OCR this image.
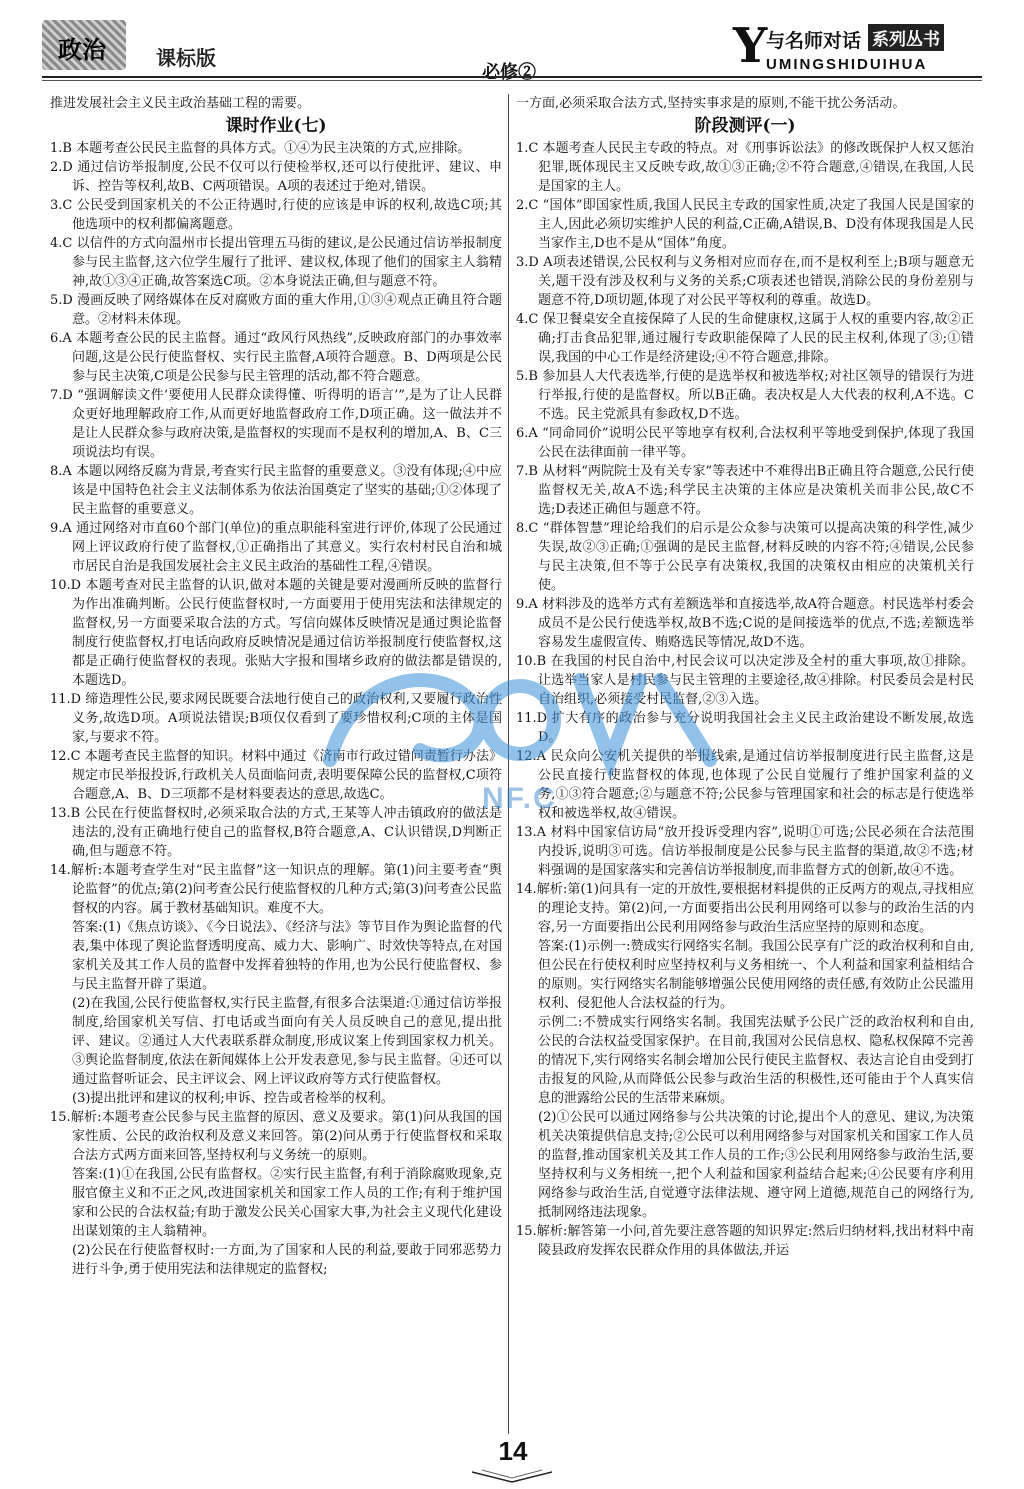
政治	课标版
必修②	Y
与名师对话 系列丛书
UMINGSHIDUIHUA

推进发展社会主义民主政治基础工程的需要。

课时作业(七)

1.B 本题考查公民民主监督的具体方式。①④为民主决策的方式,应排除。

2.D 通过信访举报制度,公民不仅可以行使检举权,还可以行使批评、建议、申诉、控告等权利,故B、C两项错误。A项的表述过于绝对,错误。

3.C 公民受到国家机关的不公正待遇时,行使的应该是申诉的权利,故选C项;其他选项中的权利都偏离题意。

4.C 以信件的方式向温州市长提出管理五马街的建议,是公民通过信访举报制度参与民主监督,这六位学生履行了批评、建议权,体现了他们的国家主人翁精神,故①③④正确,故答案选C项。②本身说法正确,但与题意不符。

5.D 漫画反映了网络媒体在反对腐败方面的重大作用,①③④观点正确且符合题意。②材料未体现。

6.A 本题考查公民的民主监督。通过“政风行风热线”,反映政府部门的办事效率问题,这是公民行使监督权、实行民主监督,A项符合题意。B、D两项是公民参与民主决策,C项是公民参与民主管理的活动,都不符合题意。

7.D “强调解读文件‘要使用人民群众读得懂、听得明的语言’”,是为了让人民群众更好地理解政府工作,从而更好地监督政府工作,D项正确。这一做法并不是让人民群众参与政府决策,是监督权的实现而不是权利的增加,A、B、C三项说法均有误。

8.A 本题以网络反腐为背景,考查实行民主监督的重要意义。③没有体现;④中应该是中国特色社会主义法制体系为依法治国奠定了坚实的基础;①②体现了民主监督的重要意义。

9.A 通过网络对市直60个部门(单位)的重点职能科室进行评价,体现了公民通过网上评议政府行使了监督权,①正确指出了其意义。实行农村村民自治和城市居民自治是我国发展社会主义民主政治的基础性工程,④错误。

10.D 本题考查对民主监督的认识,做对本题的关键是要对漫画所反映的监督行为作出准确判断。公民行使监督权时,一方面要用于使用宪法和法律规定的监督权,另一方面要采取合法的方式。写信向媒体反映情况是通过舆论监督制度行使监督权,打电话向政府反映情况是通过信访举报制度行使监督权,这都是正确行使监督权的表现。张贴大字报和围堵乡政府的做法都是错误的,本题选D。

11.D 缔造理性公民,要求网民既要合法地行使自己的政治权利,又要履行政治性义务,故选D项。A项说法错误;B项仅仅看到了要珍惜权利;C项的主体是国家,与要求不符。

12.C 本题考查民主监督的知识。材料中通过《济南市行政过错问责暂行办法》规定市民举报投诉,行政机关人员面临问责,表明要保障公民的监督权,C项符合题意,A、B、D三项都不是材料要表达的意思,故选C。

13.B 公民在行使监督权时,必须采取合法的方式,王某等人冲击镇政府的做法是违法的,没有正确地行使自己的监督权,B符合题意,A、C认识错误,D判断正确,但与题意不符。

14.解析:本题考查学生对“民主监督”这一知识点的理解。第(1)问主要考查“舆论监督”的优点;第(2)问考查公民行使监督权的几种方式;第(3)问考查公民监督权的内容。属于教材基础知识。难度不大。

答案:(1)《焦点访谈》、《今日说法》、《经济与法》等节目作为舆论监督的代表,集中体现了舆论监督透明度高、威力大、影响广、时效快等特点,在对国家机关及其工作人员的监督中发挥着独特的作用,也为公民行使监督权、参与民主监督开辟了渠道。

(2)在我国,公民行使监督权,实行民主监督,有很多合法渠道:①通过信访举报制度,给国家机关写信、打电话或当面向有关人员反映自己的意见,提出批评、建议。②通过人大代表联系群众制度,形成议案上传到国家权力机关。③舆论监督制度,依法在新闻媒体上公开发表意见,参与民主监督。④还可以通过监督听证会、民主评议会、网上评议政府等方式行使监督权。

(3)提出批评和建议的权利;申诉、控告或者检举的权利。

15.解析:本题考查公民参与民主监督的原因、意义及要求。第(1)问从我国的国家性质、公民的政治权利及意义来回答。第(2)问从勇于行使监督权和采取合法方式两方面来回答,坚持权利与义务统一的原则。

答案:(1)①在我国,公民有监督权。②实行民主监督,有利于消除腐败现象,克服官僚主义和不正之风,改进国家机关和国家工作人员的工作;有利于维护国家和公民的合法权益;有助于激发公民关心国家大事,为社会主义现代化建设出谋划策的主人翁精神。

(2)公民在行使监督权时:一方面,为了国家和人民的利益,要敢于同邪恶势力进行斗争,勇于使用宪法和法律规定的监督权;

一方面,必须采取合法方式,坚持实事求是的原则,不能干扰公务活动。

阶段测评(一)

1.C 本题考查人民民主专政的特点。对《刑事诉讼法》的修改既保护人权又惩治犯罪,既体现民主又反映专政,故①③正确;②不符合题意,④错误,在我国,人民是国家的主人。

2.C “国体”即国家性质,我国人民民主专政的国家性质,决定了我国人民是国家的主人,因此必须切实维护人民的利益,C正确,A错误,B、D没有体现我国是人民当家作主,D也不是从“国体”角度。

3.D A项表述错误,公民权利与义务相对应而存在,而不是权利至上;B项与题意无关,题干没有涉及权利与义务的关系;C项表述也错误,消除公民的身份差别与题意不符,D项切题,体现了对公民平等权利的尊重。故选D。

4.C 保卫餐桌安全直接保障了人民的生命健康权,这属于人权的重要内容,故②正确;打击食品犯罪,通过履行专政职能保障了人民的民主权利,体现了③;①错误,我国的中心工作是经济建设;④不符合题意,排除。

5.B 参加县人大代表选举,行使的是选举权和被选举权;对社区领导的错误行为进行举报,行使的是监督权。所以B正确。表决权是人大代表的权利,A不选。C不选。民主党派具有参政权,D不选。

6.A “同命同价”说明公民平等地享有权利,合法权利平等地受到保护,体现了我国公民在法律面前一律平等。

7.B 从材料“两院院士及有关专家”等表述中不难得出B正确且符合题意,公民行使监督权无关,故A不选;科学民主决策的主体应是决策机关而非公民,故C不选;D表述正确但与题意不符。

8.C “群体智慧”理论给我们的启示是公众参与决策可以提高决策的科学性,减少失误,故②③正确;①强调的是民主监督,材料反映的内容不符;④错误,公民参与民主决策,但不等于公民享有决策权,我国的决策权由相应的决策机关行使。

9.A 材料涉及的选举方式有差额选举和直接选举,故A符合题意。村民选举村委会成员不是公民行使选举权,故B不选;C说的是间接选举的优点,不选;差额选举容易发生虚假宣传、贿赂选民等情况,故D不选。

10.B 在我国的村民自治中,村民会议可以决定涉及全村的重大事项,故①排除。让选举当家人是村民参与民主管理的主要途径,故④排除。村民委员会是村民自治组织,必须接受村民监督,②③入选。

11.D 扩大有序的政治参与充分说明我国社会主义民主政治建设不断发展,故选D。

12.A 民众向公安机关提供的举报线索,是通过信访举报制度进行民主监督,这是公民直接行使监督权的体现,也体现了公民自觉履行了维护国家利益的义务,①③符合题意;②与题意不符;公民参与管理国家和社会的标志是行使选举权和被选举权,故④错误。

13.A 材料中国家信访局“放开投诉受理内容”,说明①可选;公民必须在合法范围内投诉,说明③可选。信访举报制度是公民参与民主监督的渠道,故②不选;材料强调的是国家落实和完善信访举报制度,而非监督方式的创新,故④不选。

14.解析:第(1)问具有一定的开放性,要根据材料提供的正反两方的观点,寻找相应的理论支持。第(2)问,一方面要指出公民利用网络可以参与的政治生活的内容,另一方面要指出公民利用网络参与政治生活应坚持的原则和态度。

答案:(1)示例一:赞成实行网络实名制。我国公民享有广泛的政治权利和自由,但公民在行使权利时应坚持权利与义务相统一、个人利益和国家利益相结合的原则。实行网络实名制能够增强公民使用网络的责任感,有效防止公民滥用权利、侵犯他人合法权益的行为。

示例二:不赞成实行网络实名制。我国宪法赋予公民广泛的政治权利和自由,公民的合法权益受国家保护。在目前,我国对公民信息权、隐私权保障不完善的情况下,实行网络实名制会增加公民行使民主监督权、表达言论自由受到打击报复的风险,从而降低公民参与政治生活的积极性,还可能由于个人真实信息的泄露给公民的生活带来麻烦。

(2)①公民可以通过网络参与公共决策的讨论,提出个人的意见、建议,为决策机关决策提供信息支持;②公民可以利用网络参与对国家机关和国家工作人员的监督,推动国家机关及其工作人员的工作;③公民利用网络参与政治生活,要坚持权利与义务相统一,把个人利益和国家利益结合起来;④公民要有序利用网络参与政治生活,自觉遵守法律法规、遵守网上道德,规范自己的网络行为,抵制网络违法现象。

15.解析:解答第一小问,首先要注意答题的知识界定:然后归纳材料,找出材料中南陵县政府发挥农民群众作用的具体做法,并运

NF.C
14
